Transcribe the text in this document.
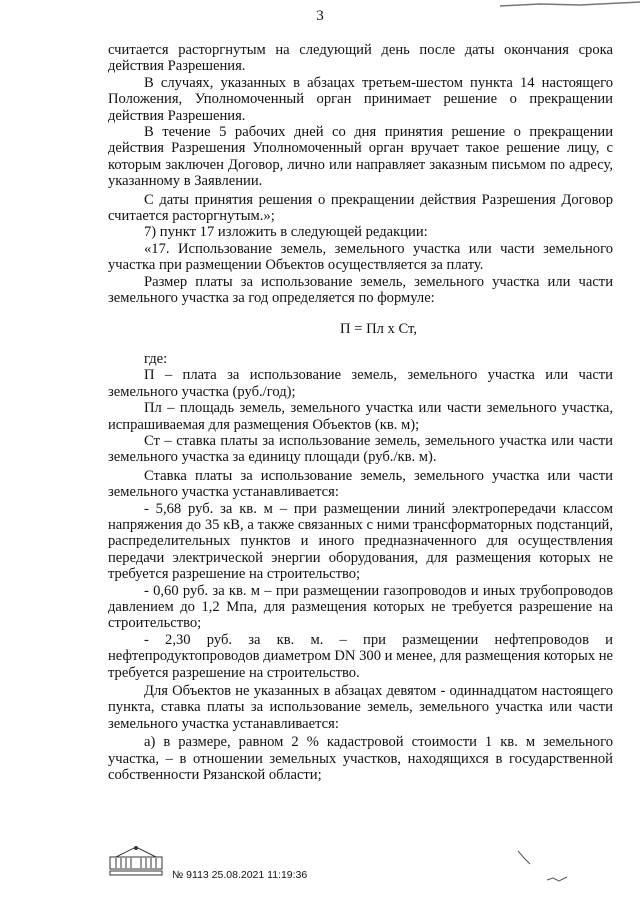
3

считается расторгнутым на следующий день после даты окончания срока действия Разрешения.

В случаях, указанных в абзацах третьем-шестом пункта 14 настоящего Положения, Уполномоченный орган принимает решение о прекращении действия Разрешения.

В течение 5 рабочих дней со дня принятия решение о прекращении действия Разрешения Уполномоченный орган вручает такое решение лицу, с которым заключен Договор, лично или направляет заказным письмом по адресу, указанному в Заявлении.

С даты принятия решения о прекращении действия Разрешения Договор считается расторгнутым.»;

7) пункт 17 изложить в следующей редакции:

«17. Использование земель, земельного участка или части земельного участка при размещении Объектов осуществляется за плату.

Размер платы за использование земель, земельного участка или части земельного участка за год определяется по формуле:

П = Пл х Ст,

где:

П – плата за использование земель, земельного участка или части земельного участка (руб./год);

Пл – площадь земель, земельного участка или части земельного участка, испрашиваемая для размещения Объектов (кв. м);

Ст – ставка платы за использование земель, земельного участка или части земельного участка за единицу площади (руб./кв. м).

Ставка платы за использование земель, земельного участка или части земельного участка устанавливается:

- 5,68 руб. за кв. м – при размещении линий электропередачи классом напряжения до 35 кВ, а также связанных с ними трансформаторных подстанций, распределительных пунктов и иного предназначенного для осуществления передачи электрической энергии оборудования, для размещения которых не требуется разрешение на строительство;

- 0,60 руб. за кв. м – при размещении газопроводов и иных трубопроводов давлением до 1,2 Мпа, для размещения которых не требуется разрешение на строительство;

- 2,30 руб. за кв. м. – при размещении нефтепроводов и нефтепродуктопроводов диаметром DN 300 и менее, для размещения которых не требуется разрешение на строительство.

Для Объектов не указанных в абзацах девятом - одиннадцатом настоящего пункта, ставка платы за использование земель, земельного участка или части земельного участка устанавливается:

а) в размере, равном 2 % кадастровой стоимости 1 кв. м земельного участка, – в отношении земельных участков, находящихся в государственной собственности Рязанской области;

№ 9113 25.08.2021 11:19:36
